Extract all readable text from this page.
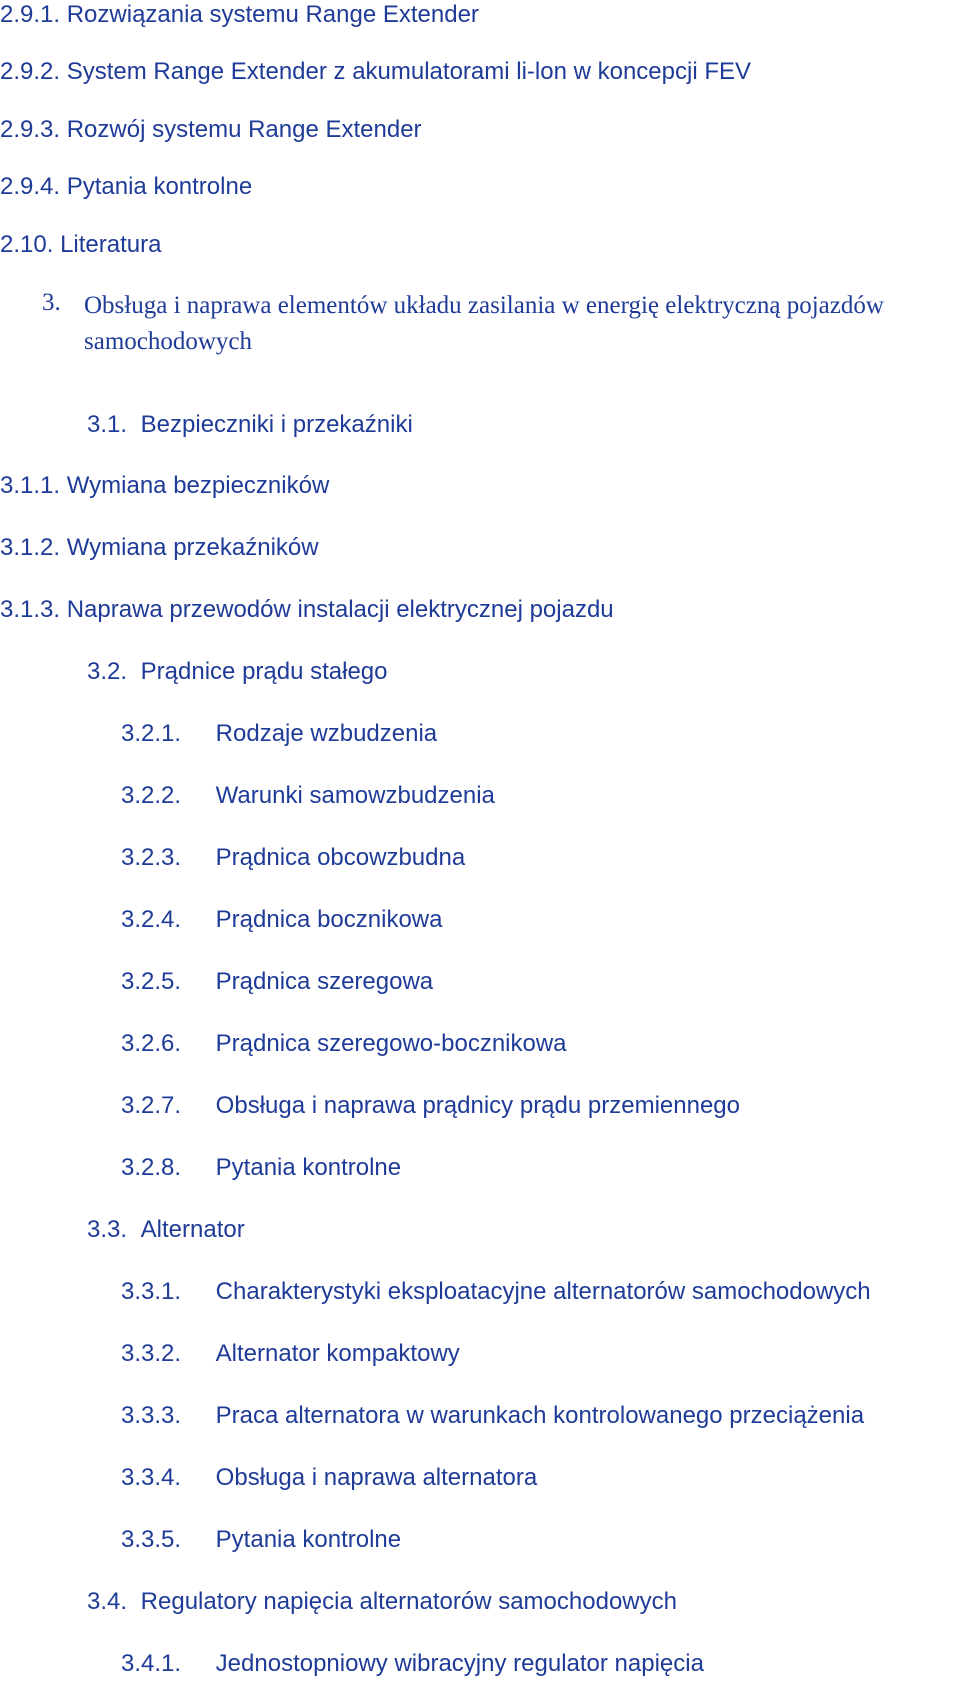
2.9.1. Rozwiązania systemu Range Extender
2.9.2. System Range Extender z akumulatorami li-lon w koncepcji FEV
2.9.3. Rozwój systemu Range Extender
2.9.4. Pytania kontrolne
2.10. Literatura
3. Obsługa i naprawa elementów układu zasilania w energię elektryczną pojazdów samochodowych
3.1. Bezpieczniki i przekaźniki
3.1.1. Wymiana bezpieczników
3.1.2. Wymiana przekaźników
3.1.3. Naprawa przewodów instalacji elektrycznej pojazdu
3.2. Prądnice prądu stałego
3.2.1. Rodzaje wzbudzenia
3.2.2. Warunki samowzbudzenia
3.2.3. Prądnica obcowzbudna
3.2.4. Prądnica bocznikowa
3.2.5. Prądnica szeregowa
3.2.6. Prądnica szeregowo-bocznikowa
3.2.7. Obsługa i naprawa prądnicy prądu przemiennego
3.2.8. Pytania kontrolne
3.3. Alternator
3.3.1. Charakterystyki eksploatacyjne alternatorów samochodowych
3.3.2. Alternator kompaktowy
3.3.3. Praca alternatora w warunkach kontrolowanego przeciążenia
3.3.4. Obsługa i naprawa alternatora
3.3.5. Pytania kontrolne
3.4. Regulatory napięcia alternatorów samochodowych
3.4.1. Jednostopniowy wibracyjny regulator napięcia
